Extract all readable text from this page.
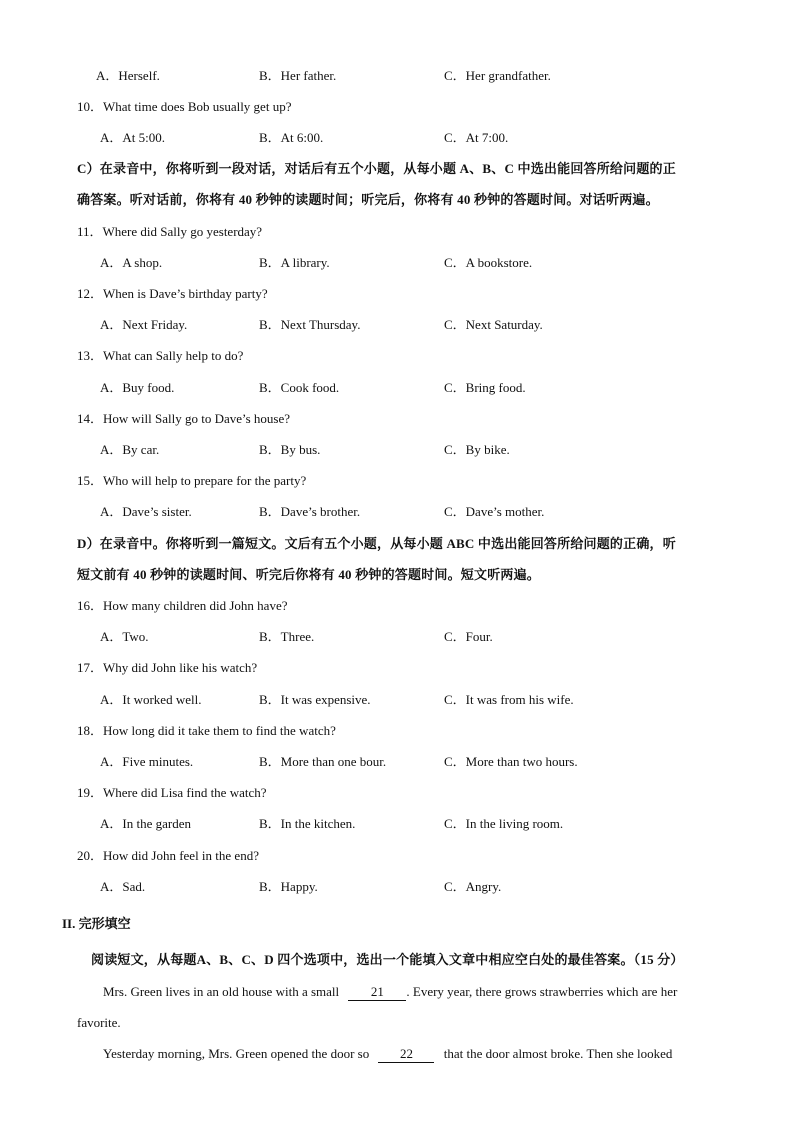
A．Herself.	B．Her father.	C．Her grandfather.
10．What time does Bob usually get up?
A．At 5:00.	B．At 6:00.	C．At 7:00.
C）在录音中，你将听到一段对话，对话后有五个小题，从每小题 A、B、C 中选出能回答所给问题的正
确答案。听对话前，你将有 40 秒钟的读题时间；听完后，你将有 40 秒钟的答题时间。对话听两遍。
11．Where did Sally go yesterday?
A．A shop.	B．A library.	C．A bookstore.
12．When is Dave’s birthday party?
A．Next Friday.	B．Next Thursday.	C．Next Saturday.
13．What can Sally help to do?
A．Buy food.	B．Cook food.	C．Bring food.
14．How will Sally go to Dave’s house?
A．By car.	B．By bus.	C．By bike.
15．Who will help to prepare for the party?
A．Dave’s sister.	B．Dave’s brother.	C．Dave’s mother.
D）在录音中。你将听到一篇短文。文后有五个小题，从每小题 ABC 中选出能回答所给问题的正确，听
短文前有 40 秒钟的读题时间、听完后你将有 40 秒钟的答题时间。短文听两遍。
16．How many children did John have?
A．Two.	B．Three.	C．Four.
17．Why did John like his watch?
A．It worked well.	B．It was expensive.	C．It was from his wife.
18．How long did it take them to find the watch?
A．Five minutes.	B．More than one bour.	C．More than two hours.
19．Where did Lisa find the watch?
A．In the garden	B．In the kitchen.	C．In the living room.
20．How did John feel in the end?
A．Sad.	B．Happy.	C．Angry.
II. 完形填空
阅读短文，从每题A、B、C、D 四个选项中，选出一个能填入文章中相应空白处的最佳答案。（15 分）
Mrs. Green lives in an old house with a small 21 . Every year, there grows strawberries which are her
favorite.
Yesterday morning, Mrs. Green opened the door so 22 that the door almost broke. Then she looked
